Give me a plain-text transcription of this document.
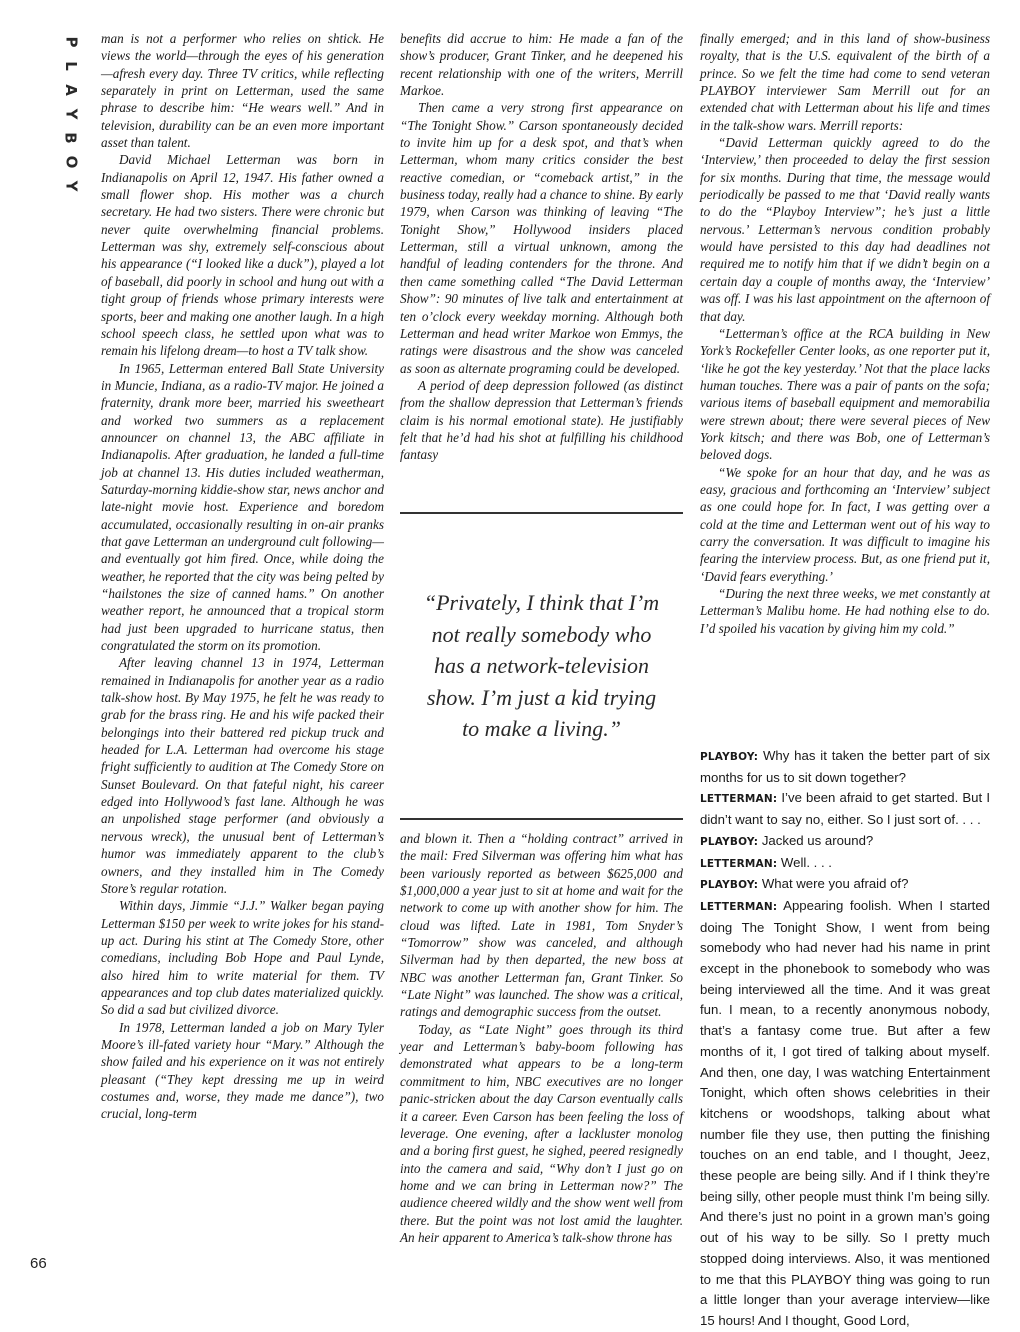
P
L
A
Y
B
O
Y

man is not a performer who relies on shtick. He views the world—through the eyes of his generation—afresh every day. Three TV critics, while reflecting separately in print on Letterman, used the same phrase to describe him: “He wears well.” And in television, durability can be an even more important asset than talent.

David Michael Letterman was born in Indianapolis on April 12, 1947. His father owned a small flower shop. His mother was a church secretary. He had two sisters. There were chronic but never quite overwhelming financial problems. Letterman was shy, extremely self-conscious about his appearance (“I looked like a duck”), played a lot of baseball, did poorly in school and hung out with a tight group of friends whose primary interests were sports, beer and making one another laugh. In a high school speech class, he settled upon what was to remain his lifelong dream—to host a TV talk show.

In 1965, Letterman entered Ball State University in Muncie, Indiana, as a radio-TV major. He joined a fraternity, drank more beer, married his sweetheart and worked two summers as a replacement announcer on channel 13, the ABC affiliate in Indianapolis. After graduation, he landed a full-time job at channel 13. His duties included weatherman, Saturday-morning kiddie-show star, news anchor and late-night movie host. Experience and boredom accumulated, occasionally resulting in on-air pranks that gave Letterman an underground cult following—and eventually got him fired. Once, while doing the weather, he reported that the city was being pelted by “hailstones the size of canned hams.” On another weather report, he announced that a tropical storm had just been upgraded to hurricane status, then congratulated the storm on its promotion.

After leaving channel 13 in 1974, Letterman remained in Indianapolis for another year as a radio talk-show host. By May 1975, he felt he was ready to grab for the brass ring. He and his wife packed their belongings into their battered red pickup truck and headed for L.A. Letterman had overcome his stage fright sufficiently to audition at The Comedy Store on Sunset Boulevard. On that fateful night, his career edged into Hollywood’s fast lane. Although he was an unpolished stage performer (and obviously a nervous wreck), the unusual bent of Letterman’s humor was immediately apparent to the club’s owners, and they installed him in The Comedy Store’s regular rotation.

Within days, Jimmie “J.J.” Walker began paying Letterman $150 per week to write jokes for his stand-up act. During his stint at The Comedy Store, other comedians, including Bob Hope and Paul Lynde, also hired him to write material for them. TV appearances and top club dates materialized quickly. So did a sad but civilized divorce.

In 1978, Letterman landed a job on Mary Tyler Moore’s ill-fated variety hour “Mary.” Although the show failed and his experience on it was not entirely pleasant (“They kept dressing me up in weird costumes and, worse, they made me dance”), two crucial, long-term

benefits did accrue to him: He made a fan of the show’s producer, Grant Tinker, and he deepened his recent relationship with one of the writers, Merrill Markoe.

Then came a very strong first appearance on “The Tonight Show.” Carson spontaneously decided to invite him up for a desk spot, and that’s when Letterman, whom many critics consider the best reactive comedian, or “comeback artist,” in the business today, really had a chance to shine. By early 1979, when Carson was thinking of leaving “The Tonight Show,” Hollywood insiders placed Letterman, still a virtual unknown, among the handful of leading contenders for the throne. And then came something called “The David Letterman Show”: 90 minutes of live talk and entertainment at ten o’clock every weekday morning. Although both Letterman and head writer Markoe won Emmys, the ratings were disastrous and the show was canceled as soon as alternate programing could be developed.

A period of deep depression followed (as distinct from the shallow depression that Letterman’s friends claim is his normal emotional state). He justifiably felt that he’d had his shot at fulfilling his childhood fantasy

“Privately, I think that I’m not really somebody who has a network-television show. I’m just a kid trying to make a living.”

and blown it. Then a “holding contract” arrived in the mail: Fred Silverman was offering him what has been variously reported as between $625,000 and $1,000,000 a year just to sit at home and wait for the network to come up with another show for him. The cloud was lifted. Late in 1981, Tom Snyder’s “Tomorrow” show was canceled, and although Silverman had by then departed, the new boss at NBC was another Letterman fan, Grant Tinker. So “Late Night” was launched. The show was a critical, ratings and demographic success from the outset.

Today, as “Late Night” goes through its third year and Letterman’s baby-boom following has demonstrated what appears to be a long-term commitment to him, NBC executives are no longer panic-stricken about the day Carson eventually calls it a career. Even Carson has been feeling the loss of leverage. One evening, after a lackluster monolog and a boring first guest, he sighed, peered resignedly into the camera and said, “Why don’t I just go on home and we can bring in Letterman now?” The audience cheered wildly and the show went well from there. But the point was not lost amid the laughter. An heir apparent to America’s talk-show throne has

finally emerged; and in this land of show-business royalty, that is the U.S. equivalent of the birth of a prince. So we felt the time had come to send veteran PLAYBOY interviewer Sam Merrill out for an extended chat with Letterman about his life and times in the talk-show wars. Merrill reports:

“David Letterman quickly agreed to do the ‘Interview,’ then proceeded to delay the first session for six months. During that time, the message would periodically be passed to me that ‘David really wants to do the “Playboy Interview”; he’s just a little nervous.’ Letterman’s nervous condition probably would have persisted to this day had deadlines not required me to notify him that if we didn’t begin on a certain day a couple of months away, the ‘Interview’ was off. I was his last appointment on the afternoon of that day.

“Letterman’s office at the RCA building in New York’s Rockefeller Center looks, as one reporter put it, ‘like he got the key yesterday.’ Not that the place lacks human touches. There was a pair of pants on the sofa; various items of baseball equipment and memorabilia were strewn about; there were several pieces of New York kitsch; and there was Bob, one of Letterman’s beloved dogs.

“We spoke for an hour that day, and he was as easy, gracious and forthcoming an ‘Interview’ subject as one could hope for. In fact, I was getting over a cold at the time and Letterman went out of his way to carry the conversation. It was difficult to imagine his fearing the interview process. But, as one friend put it, ‘David fears everything.’

“During the next three weeks, we met constantly at Letterman’s Malibu home. He had nothing else to do. I’d spoiled his vacation by giving him my cold.”

PLAYBOY: Why has it taken the better part of six months for us to sit down together?

LETTERMAN: I’ve been afraid to get started. But I didn’t want to say no, either. So I just sort of. . . .

PLAYBOY: Jacked us around?

LETTERMAN: Well. . . .

PLAYBOY: What were you afraid of?

LETTERMAN: Appearing foolish. When I started doing The Tonight Show, I went from being somebody who had never had his name in print except in the phonebook to somebody who was being interviewed all the time. And it was great fun. I mean, to a recently anonymous nobody, that’s a fantasy come true. But after a few months of it, I got tired of talking about myself. And then, one day, I was watching Entertainment Tonight, which often shows celebrities in their kitchens or woodshops, talking about what number file they use, then putting the finishing touches on an end table, and I thought, Jeez, these people are being silly. And if I think they’re being silly, other people must think I’m being silly. And there’s just no point in a grown man’s going out of his way to be silly. So I pretty much stopped doing interviews. Also, it was mentioned to me that this PLAYBOY thing was going to run a little longer than your average interview—like 15 hours! And I thought, Good Lord,

66
